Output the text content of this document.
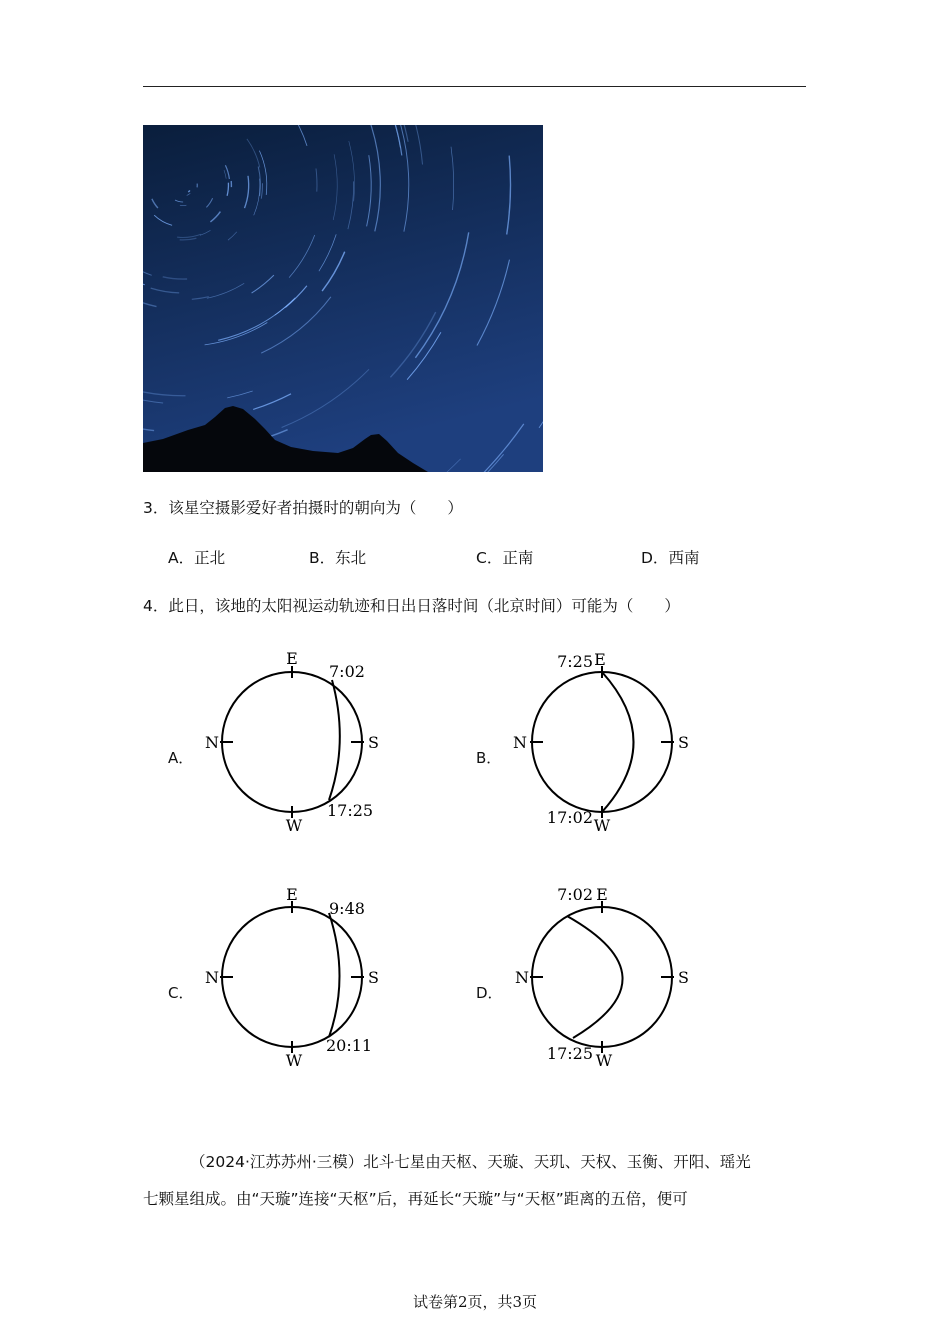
3．该星空摄影爱好者拍摄时的朝向为（　　）
A．正北	B．东北	C．正南	D．西南
4．此日，该地的太阳视运动轨迹和日出日落时间（北京时间）可能为（　　）
A．
E
W
N	S
7:02
17:25
B．
E
W
N	S
7:25
17:02
C．
E
W
N	S
9:48
20:11
D．
E
W
N	S
7:02
17:25
（2024·江苏苏州·三模）北斗七星由天枢、天璇、天玑、天权、玉衡、开阳、瑶光
七颗星组成。由“天璇”连接“天枢”后，再延长“天璇”与“天枢”距离的五倍，便可
试卷第2页，共3页
